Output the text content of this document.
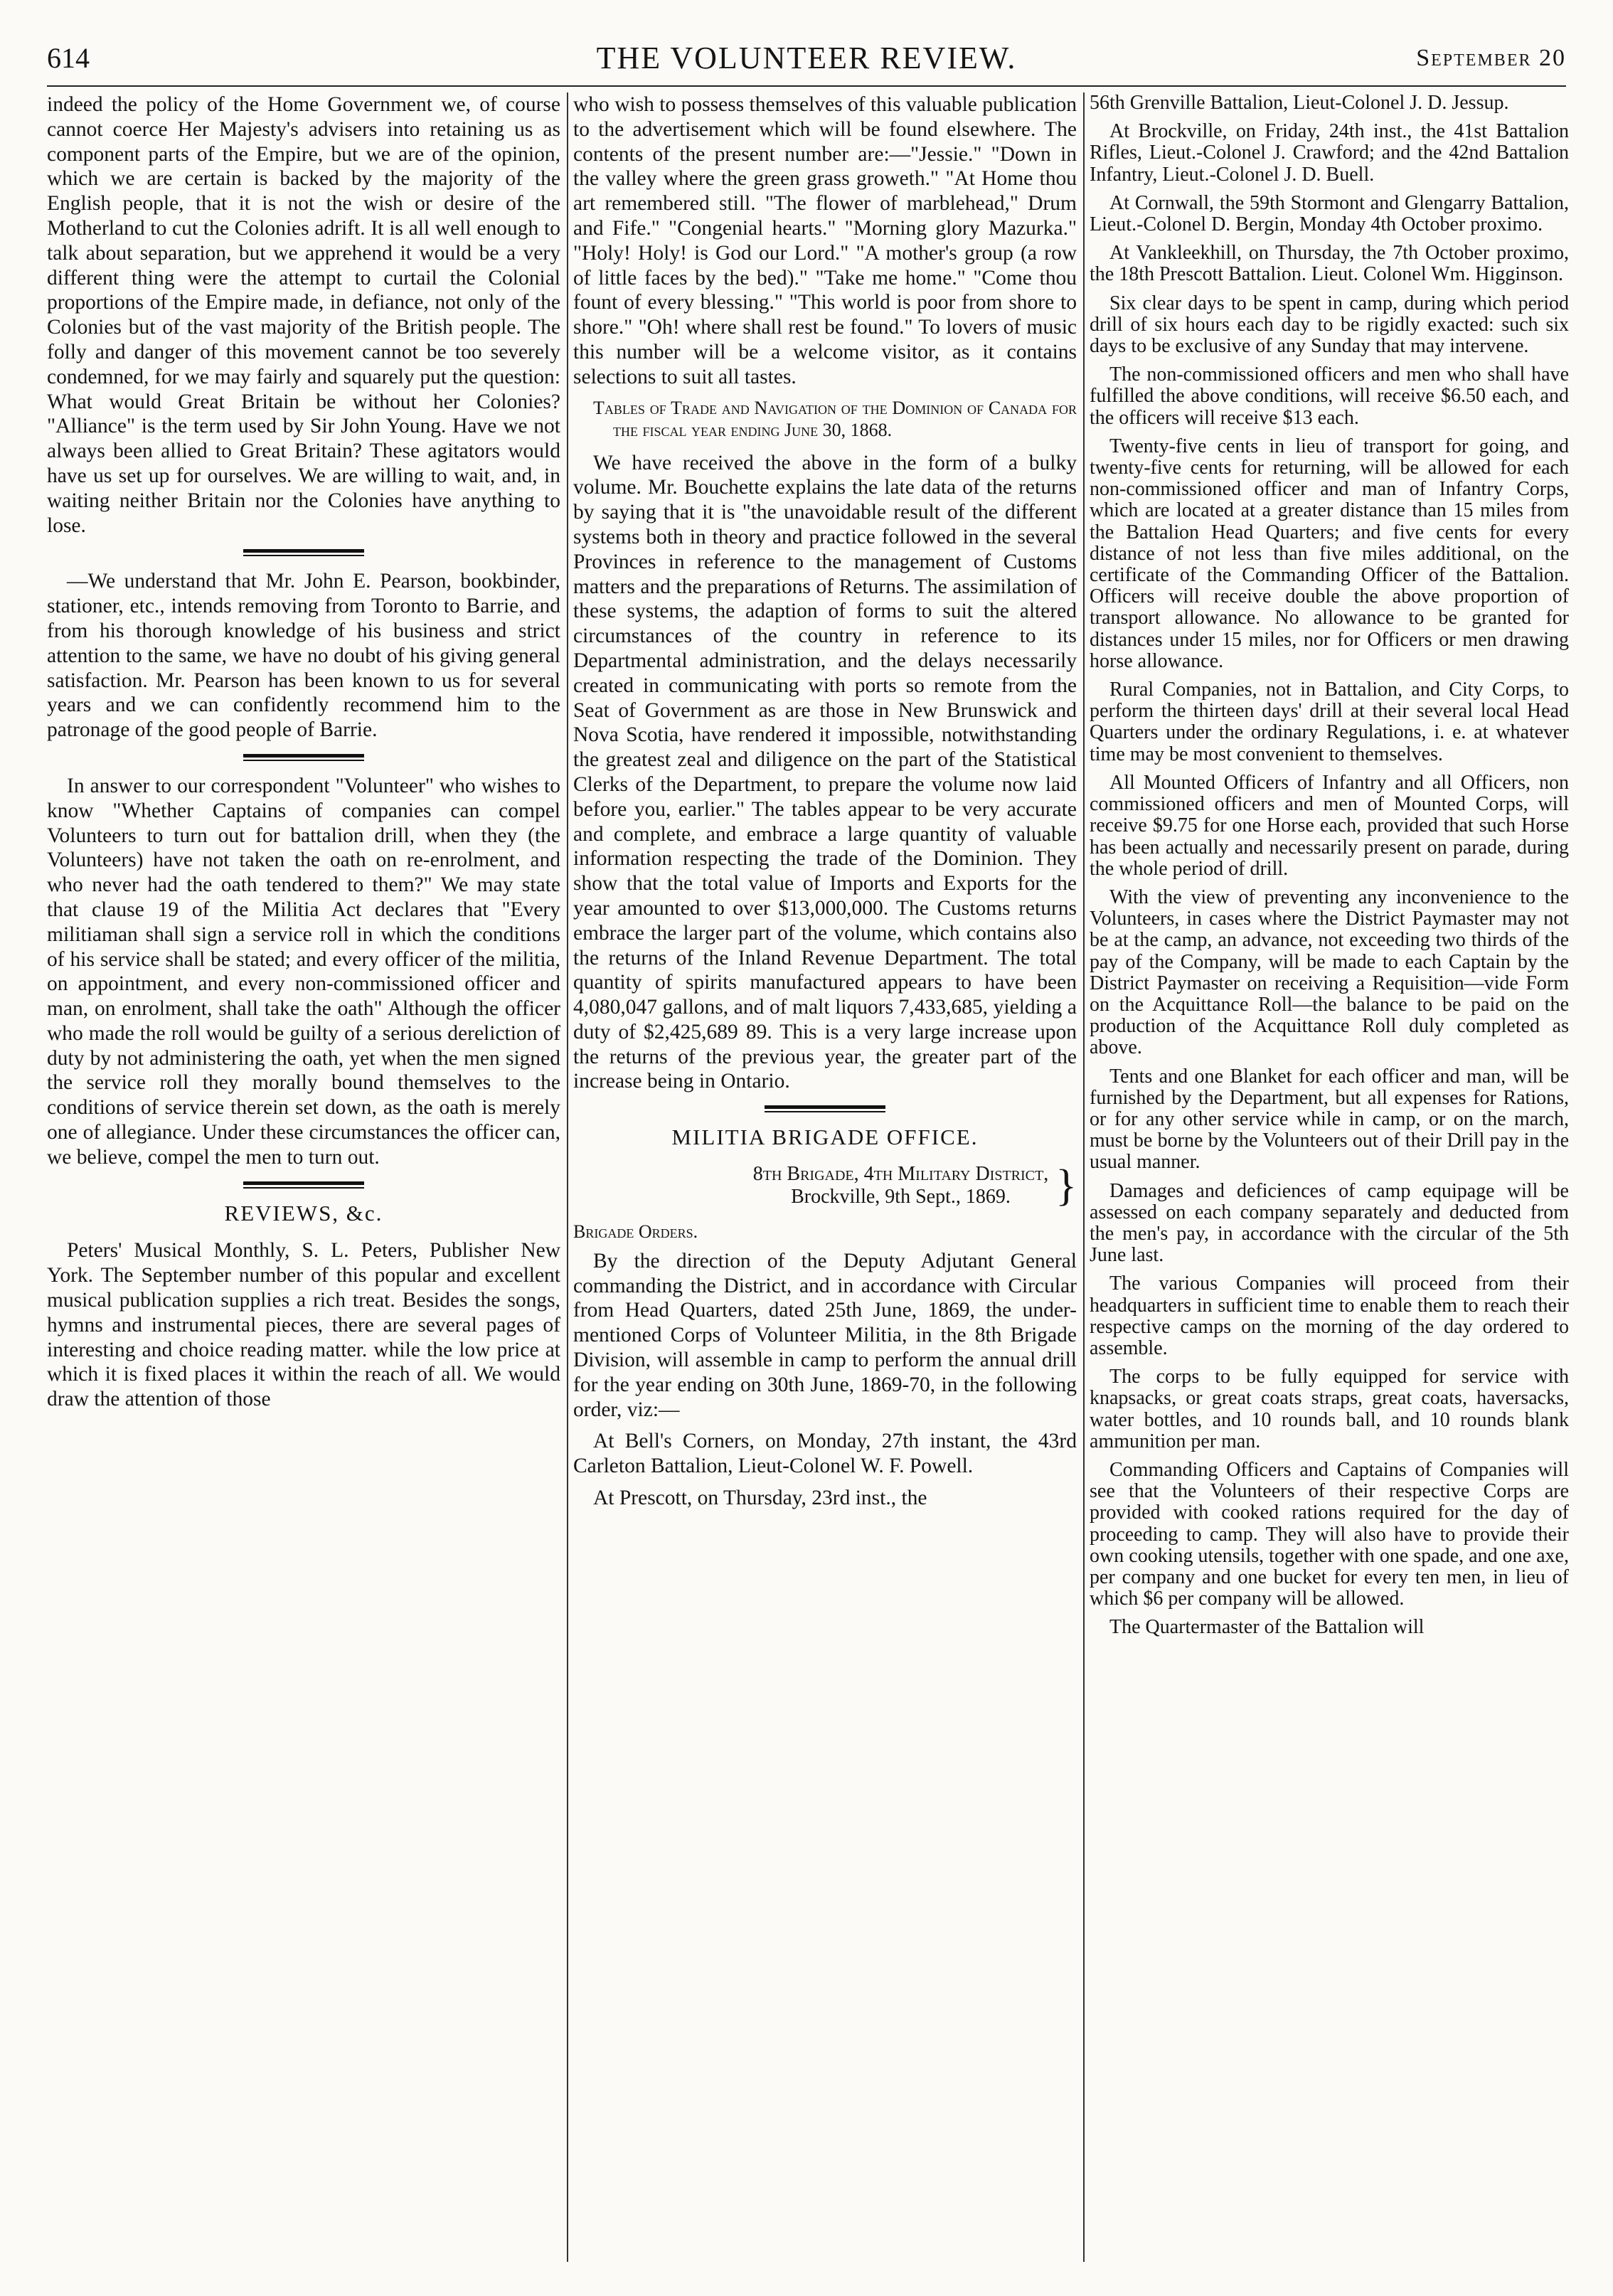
614	THE VOLUNTEER REVIEW.	September 20

indeed the policy of the Home Government we, of course cannot coerce Her Majesty's advisers into retaining us as component parts of the Empire, but we are of the opinion, which we are certain is backed by the majority of the English people, that it is not the wish or desire of the Motherland to cut the Colonies adrift. It is all well enough to talk about separation, but we apprehend it would be a very different thing were the attempt to curtail the Colonial proportions of the Empire made, in defiance, not only of the Colonies but of the vast majority of the British people. The folly and danger of this movement cannot be too severely condemned, for we may fairly and squarely put the question: What would Great Britain be without her Colonies? "Alliance" is the term used by Sir John Young. Have we not always been allied to Great Britain? These agitators would have us set up for ourselves. We are willing to wait, and, in waiting neither Britain nor the Colonies have anything to lose.

—We understand that Mr. John E. Pearson, bookbinder, stationer, etc., intends removing from Toronto to Barrie, and from his thorough knowledge of his business and strict attention to the same, we have no doubt of his giving general satisfaction. Mr. Pearson has been known to us for several years and we can confidently recommend him to the patronage of the good people of Barrie.

In answer to our correspondent "Volunteer" who wishes to know "Whether Captains of companies can compel Volunteers to turn out for battalion drill, when they (the Volunteers) have not taken the oath on re-enrolment, and who never had the oath tendered to them?" We may state that clause 19 of the Militia Act declares that "Every militiaman shall sign a service roll in which the conditions of his service shall be stated; and every officer of the militia, on appointment, and every non-commissioned officer and man, on enrolment, shall take the oath" Although the officer who made the roll would be guilty of a serious dereliction of duty by not administering the oath, yet when the men signed the service roll they morally bound themselves to the conditions of service therein set down, as the oath is merely one of allegiance. Under these circumstances the officer can, we believe, compel the men to turn out.

REVIEWS, &c.

Peters' Musical Monthly, S. L. Peters, Publisher New York. The September number of this popular and excellent musical publication supplies a rich treat. Besides the songs, hymns and instrumental pieces, there are several pages of interesting and choice reading matter. while the low price at which it is fixed places it within the reach of all. We would draw the attention of those

who wish to possess themselves of this valuable publication to the advertisement which will be found elsewhere. The contents of the present number are:—"Jessie." "Down in the valley where the green grass groweth." "At Home thou art remembered still. "The flower of marblehead," Drum and Fife." "Congenial hearts." "Morning glory Mazurka." "Holy! Holy! is God our Lord." "A mother's group (a row of little faces by the bed)." "Take me home." "Come thou fount of every blessing." "This world is poor from shore to shore." "Oh! where shall rest be found." To lovers of music this number will be a welcome visitor, as it contains selections to suit all tastes.

Tables of Trade and Navigation of the Dominion of Canada for the fiscal year ending June 30, 1868.

We have received the above in the form of a bulky volume. Mr. Bouchette explains the late data of the returns by saying that it is "the unavoidable result of the different systems both in theory and practice followed in the several Provinces in reference to the management of Customs matters and the preparations of Returns. The assimilation of these systems, the adaption of forms to suit the altered circumstances of the country in reference to its Departmental administration, and the delays necessarily created in communicating with ports so remote from the Seat of Government as are those in New Brunswick and Nova Scotia, have rendered it impossible, notwithstanding the greatest zeal and diligence on the part of the Statistical Clerks of the Department, to prepare the volume now laid before you, earlier." The tables appear to be very accurate and complete, and embrace a large quantity of valuable information respecting the trade of the Dominion. They show that the total value of Imports and Exports for the year amounted to over $13,000,000. The Customs returns embrace the larger part of the volume, which contains also the returns of the Inland Revenue Department. The total quantity of spirits manufactured appears to have been 4,080,047 gallons, and of malt liquors 7,433,685, yielding a duty of $2,425,689 89. This is a very large increase upon the returns of the previous year, the greater part of the increase being in Ontario.

MILITIA BRIGADE OFFICE.
8th Brigade, 4th Military District,
Brockville, 9th Sept., 1869.	}
Brigade Orders.

By the direction of the Deputy Adjutant General commanding the District, and in accordance with Circular from Head Quarters, dated 25th June, 1869, the under-mentioned Corps of Volunteer Militia, in the 8th Brigade Division, will assemble in camp to perform the annual drill for the year ending on 30th June, 1869-70, in the following order, viz:—

At Bell's Corners, on Monday, 27th instant, the 43rd Carleton Battalion, Lieut-Colonel W. F. Powell.

At Prescott, on Thursday, 23rd inst., the

56th Grenville Battalion, Lieut-Colonel J. D. Jessup.

At Brockville, on Friday, 24th inst., the 41st Battalion Rifles, Lieut.-Colonel J. Crawford; and the 42nd Battalion Infantry, Lieut.-Colonel J. D. Buell.

At Cornwall, the 59th Stormont and Glengarry Battalion, Lieut.-Colonel D. Bergin, Monday 4th October proximo.

At Vankleekhill, on Thursday, the 7th October proximo, the 18th Prescott Battalion. Lieut. Colonel Wm. Higginson.

Six clear days to be spent in camp, during which period drill of six hours each day to be rigidly exacted: such six days to be exclusive of any Sunday that may intervene.

The non-commissioned officers and men who shall have fulfilled the above conditions, will receive $6.50 each, and the officers will receive $13 each.

Twenty-five cents in lieu of transport for going, and twenty-five cents for returning, will be allowed for each non-commissioned officer and man of Infantry Corps, which are located at a greater distance than 15 miles from the Battalion Head Quarters; and five cents for every distance of not less than five miles additional, on the certificate of the Commanding Officer of the Battalion. Officers will receive double the above proportion of transport allowance. No allowance to be granted for distances under 15 miles, nor for Officers or men drawing horse allowance.

Rural Companies, not in Battalion, and City Corps, to perform the thirteen days' drill at their several local Head Quarters under the ordinary Regulations, i. e. at whatever time may be most convenient to themselves.

All Mounted Officers of Infantry and all Officers, non commissioned officers and men of Mounted Corps, will receive $9.75 for one Horse each, provided that such Horse has been actually and necessarily present on parade, during the whole period of drill.

With the view of preventing any inconvenience to the Volunteers, in cases where the District Paymaster may not be at the camp, an advance, not exceeding two thirds of the pay of the Company, will be made to each Captain by the District Paymaster on receiving a Requisition—vide Form on the Acquittance Roll—the balance to be paid on the production of the Acquittance Roll duly completed as above.

Tents and one Blanket for each officer and man, will be furnished by the Department, but all expenses for Rations, or for any other service while in camp, or on the march, must be borne by the Volunteers out of their Drill pay in the usual manner.

Damages and deficiences of camp equipage will be assessed on each company separately and deducted from the men's pay, in accordance with the circular of the 5th June last.

The various Companies will proceed from their headquarters in sufficient time to enable them to reach their respective camps on the morning of the day ordered to assemble.

The corps to be fully equipped for service with knapsacks, or great coats straps, great coats, haversacks, water bottles, and 10 rounds ball, and 10 rounds blank ammunition per man.

Commanding Officers and Captains of Companies will see that the Volunteers of their respective Corps are provided with cooked rations required for the day of proceeding to camp. They will also have to provide their own cooking utensils, together with one spade, and one axe, per company and one bucket for every ten men, in lieu of which $6 per company will be allowed.

The Quartermaster of the Battalion will
